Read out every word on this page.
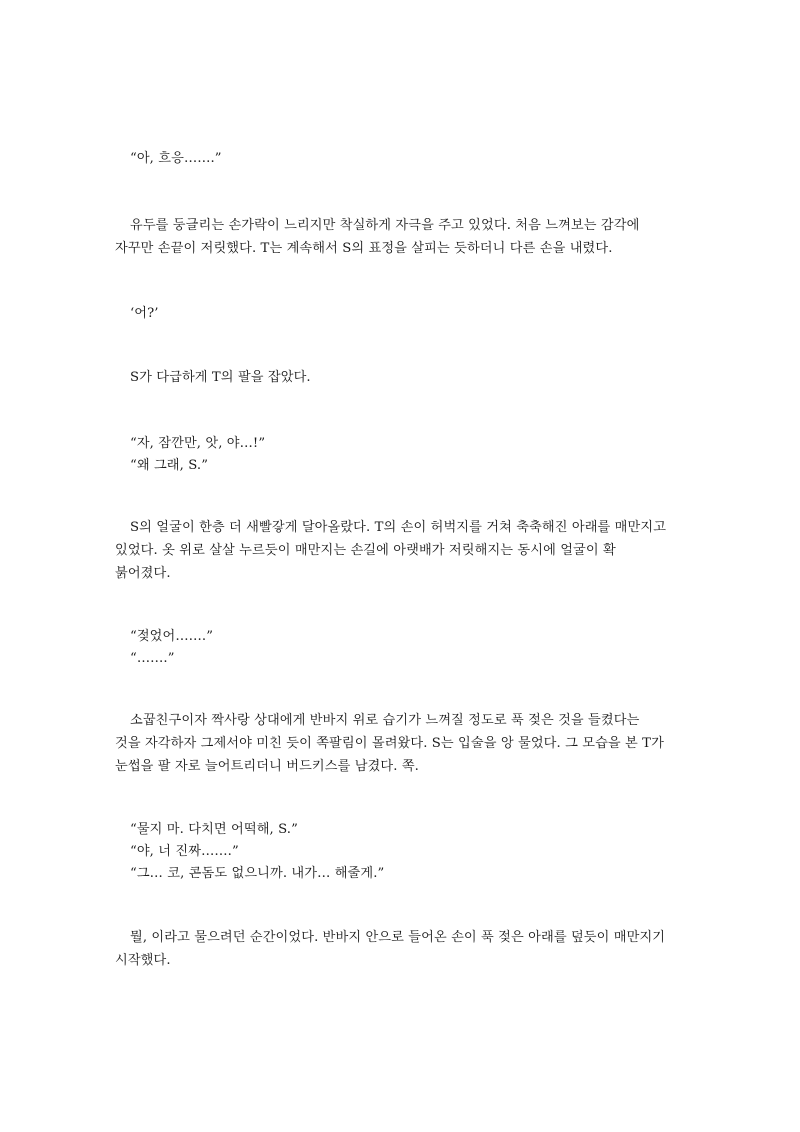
“아, 흐응…….”
유두를 둥글리는 손가락이 느리지만 착실하게 자극을 주고 있었다. 처음 느껴보는 감각에
자꾸만 손끝이 저릿했다. T는 계속해서 S의 표정을 살피는 듯하더니 다른 손을 내렸다.
‘어?’
S가 다급하게 T의 팔을 잡았다.
“자, 잠깐만, 앗, 야…!”
“왜 그래, S.”
S의 얼굴이 한층 더 새빨갛게 달아올랐다. T의 손이 허벅지를 거쳐 축축해진 아래를 매만지고
있었다. 옷 위로 살살 누르듯이 매만지는 손길에 아랫배가 저릿해지는 동시에 얼굴이 확
붉어졌다.
“젖었어…….”
“…….”
소꿉친구이자 짝사랑 상대에게 반바지 위로 습기가 느껴질 정도로 푹 젖은 것을 들켰다는
것을 자각하자 그제서야 미친 듯이 쪽팔림이 몰려왔다. S는 입술을 앙 물었다. 그 모습을 본 T가
눈썹을 팔 자로 늘어트리더니 버드키스를 남겼다. 쪽.
“물지 마. 다치면 어떡해, S.”
“야, 너 진짜…….”
“그… 코, 콘돔도 없으니까. 내가… 해줄게.”
뭘, 이라고 물으려던 순간이었다. 반바지 안으로 들어온 손이 푹 젖은 아래를 덮듯이 매만지기
시작했다.
